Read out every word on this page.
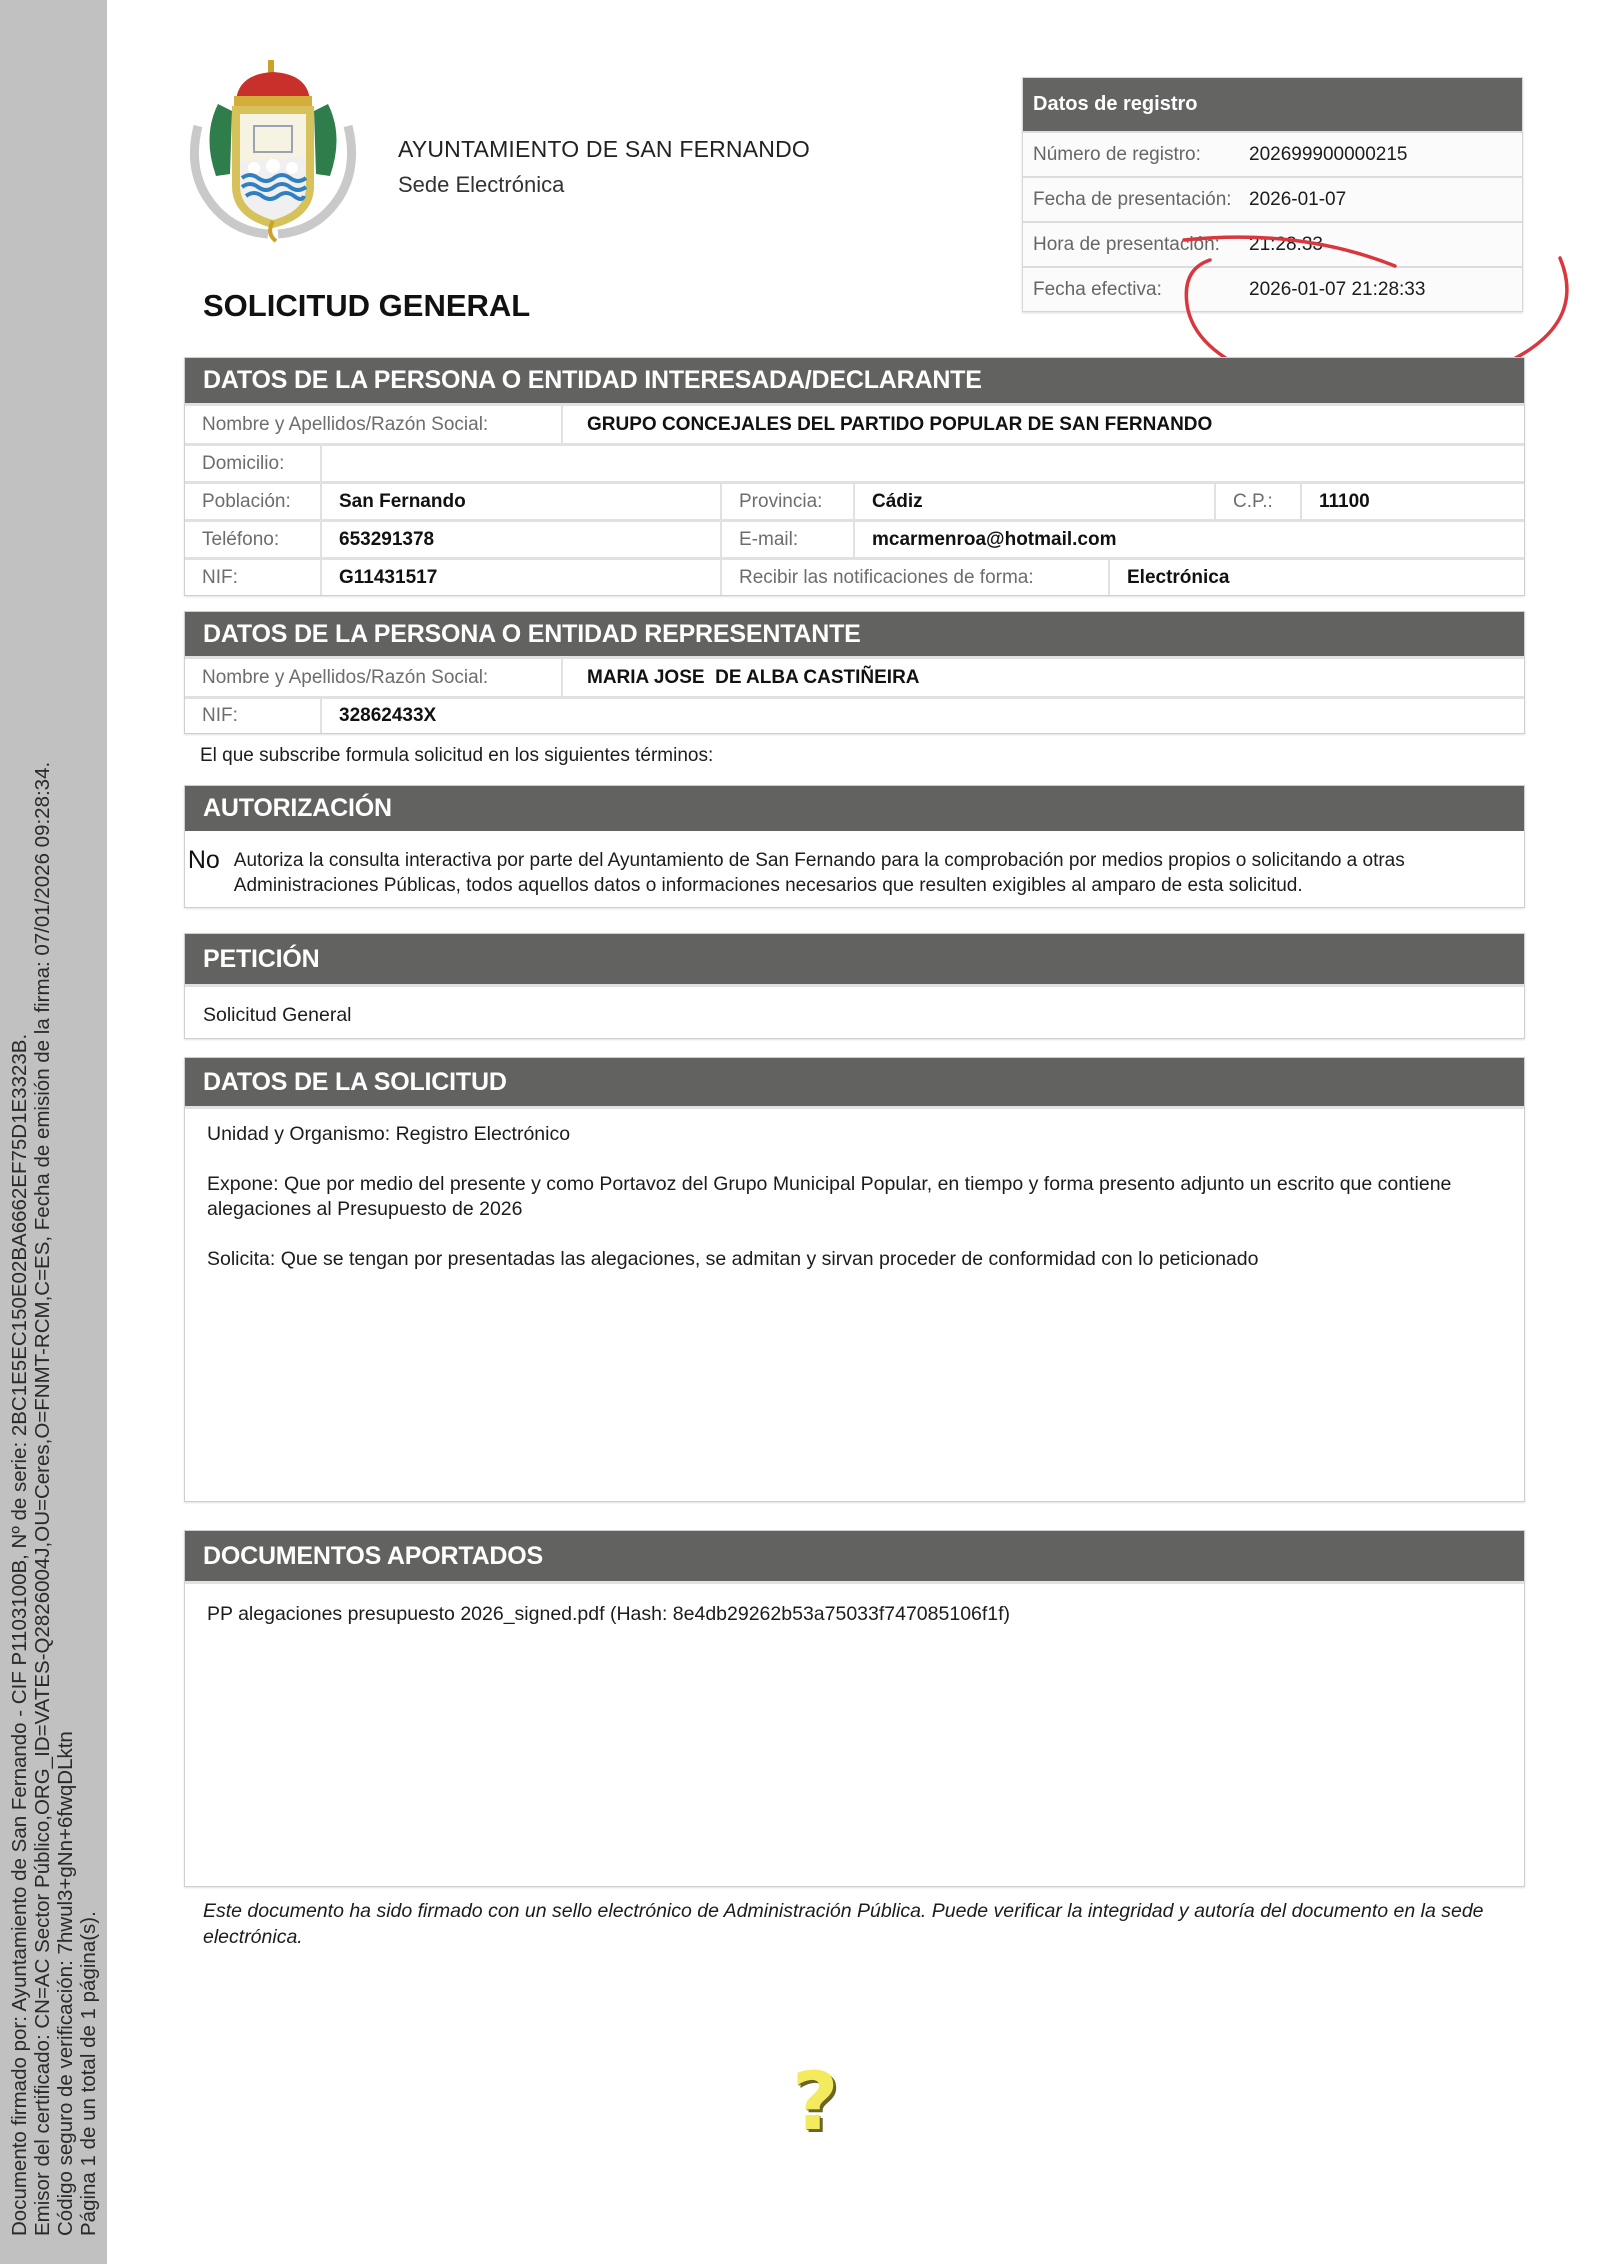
Documento firmado por: Ayuntamiento de San Fernando - CIF P1103100B, Nº de serie: 2BC1E5EC150E02BA6662EF75D1E3323B. Emisor del certificado: CN=AC Sector Público,ORG_ID=VATES-Q2826004J,OU=Ceres,O=FNMT-RCM,C=ES, Fecha de emisión de la firma: 07/01/2026 09:28:34. Código seguro de verificación: 7hwul3+gNn+6fwqDLktn Página 1 de un total de 1 página(s).
AYUNTAMIENTO DE SAN FERNANDO
Sede Electrónica
SOLICITUD GENERAL
Datos de registro
Número de registro:	202699900000215
Fecha de presentación: 2026-01-07
Hora de presentación:	21:28:33
Fecha efectiva:	2026-01-07 21:28:33
DATOS DE LA PERSONA O ENTIDAD INTERESADA/DECLARANTE
Nombre y Apellidos/Razón Social:	GRUPO CONCEJALES DEL PARTIDO POPULAR DE SAN FERNANDO
Domicilio:
Población:	San Fernando	Provincia:	Cádiz	C.P.:	11100
Teléfono:	653291378	E-mail:	mcarmenroa@hotmail.com
NIF:	G11431517	Recibir las notificaciones de forma:	Electrónica
DATOS DE LA PERSONA O ENTIDAD REPRESENTANTE
Nombre y Apellidos/Razón Social:	MARIA JOSE  DE ALBA CASTIÑEIRA
NIF:	32862433X
El que subscribe formula solicitud en los siguientes términos:
AUTORIZACIÓN
No Autoriza la consulta interactiva por parte del Ayuntamiento de San Fernando para la comprobación por medios propios o solicitando a otras Administraciones Públicas, todos aquellos datos o informaciones necesarios que resulten exigibles al amparo de esta solicitud.
PETICIÓN
Solicitud General
DATOS DE LA SOLICITUD
Unidad y Organismo: Registro Electrónico
Expone: Que por medio del presente y como Portavoz del Grupo Municipal Popular, en tiempo y forma presento adjunto un escrito que contiene alegaciones al Presupuesto de 2026
Solicita: Que se tengan por presentadas las alegaciones, se admitan y sirvan proceder de conformidad con lo peticionado
DOCUMENTOS APORTADOS
PP alegaciones presupuesto 2026_signed.pdf (Hash: 8e4db29262b53a75033f747085106f1f)
Este documento ha sido firmado con un sello electrónico de Administración Pública. Puede verificar la integridad y autoría del documento en la sede electrónica.
?
